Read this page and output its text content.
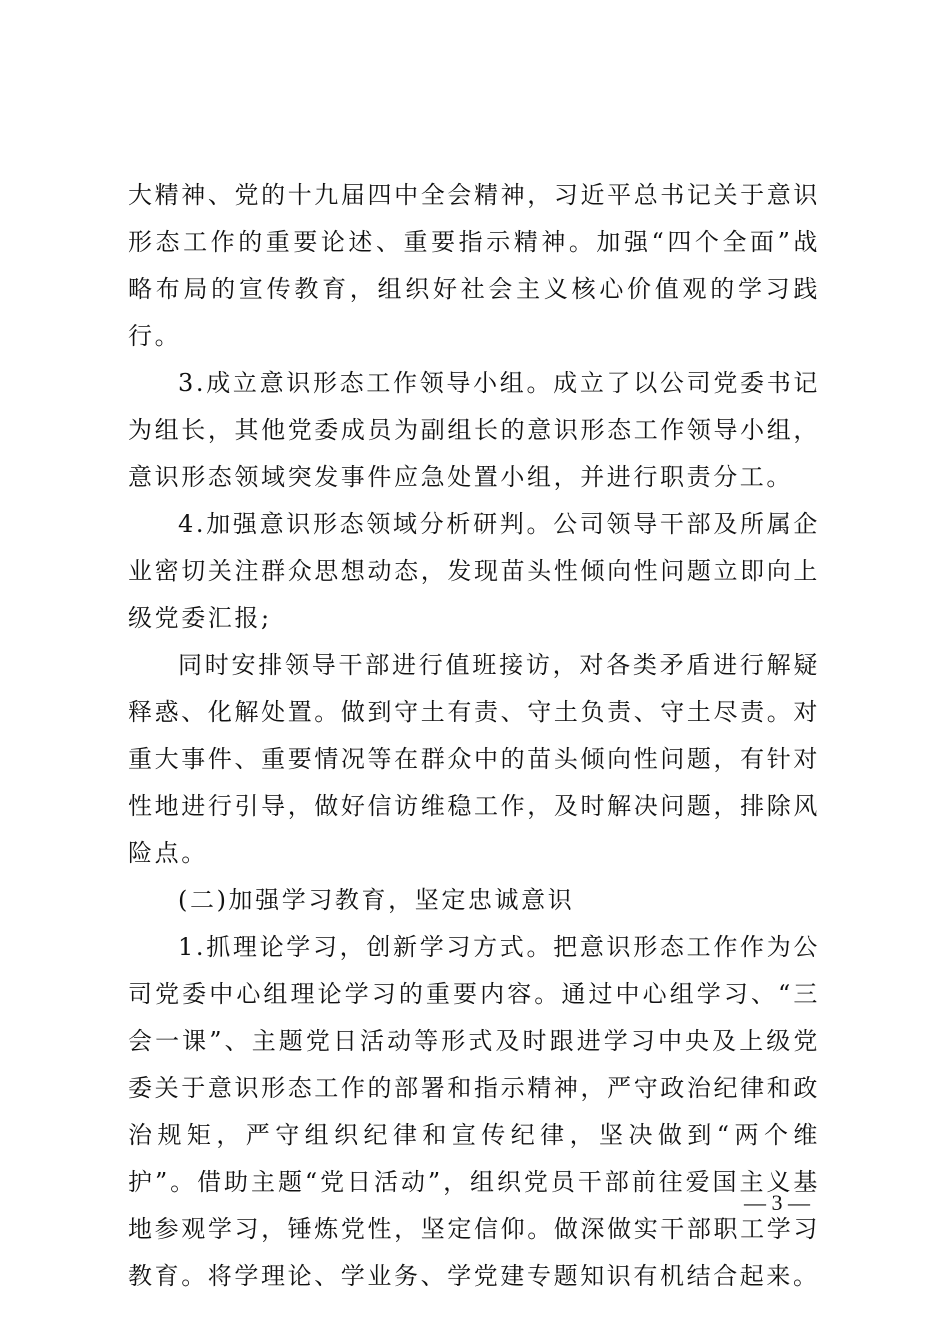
大精神、党的十九届四中全会精神，习近平总书记关于意识形态工作的重要论述、重要指示精神。加强“四个全面”战略布局的宣传教育，组织好社会主义核心价值观的学习践行。

3.成立意识形态工作领导小组。成立了以公司党委书记为组长，其他党委成员为副组长的意识形态工作领导小组，意识形态领域突发事件应急处置小组，并进行职责分工。

4.加强意识形态领域分析研判。公司领导干部及所属企业密切关注群众思想动态，发现苗头性倾向性问题立即向上级党委汇报;

同时安排领导干部进行值班接访，对各类矛盾进行解疑释惑、化解处置。做到守土有责、守土负责、守土尽责。对重大事件、重要情况等在群众中的苗头倾向性问题，有针对性地进行引导，做好信访维稳工作，及时解决问题，排除风险点。

(二)加强学习教育，坚定忠诚意识

1.抓理论学习，创新学习方式。把意识形态工作作为公司党委中心组理论学习的重要内容。通过中心组学习、“三会一课”、主题党日活动等形式及时跟进学习中央及上级党委关于意识形态工作的部署和指示精神，严守政治纪律和政治规矩，严守组织纪律和宣传纪律，坚决做到“两个维护”。借助主题“党日活动”，组织党员干部前往爱国主义基地参观学习，锤炼党性，坚定信仰。做深做实干部职工学习教育。将学理论、学业务、学党建专题知识有机结合起来。

— 3 —
